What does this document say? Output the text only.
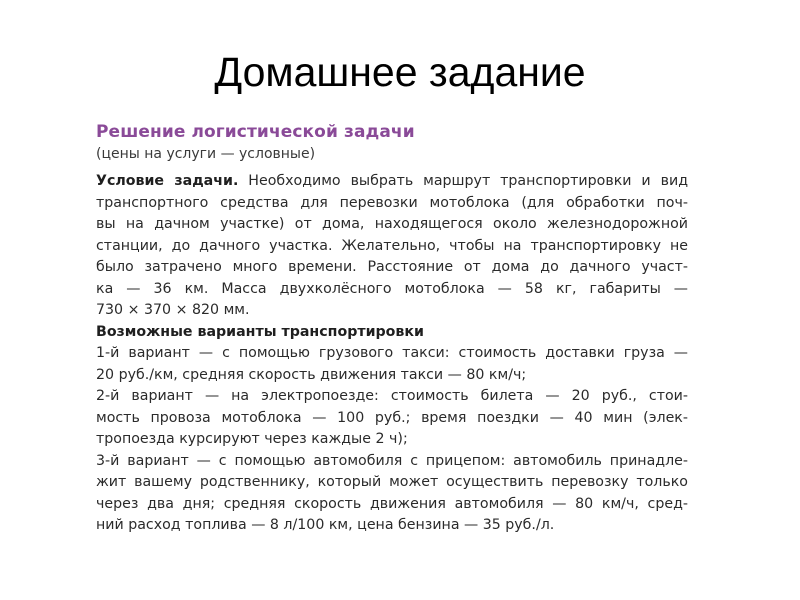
Домашнее задание
Решение логистической задачи
(цены на услуги — условные)
Условие задачи. Необходимо выбрать маршрут транспортировки и вид
транспортного средства для перевозки мотоблока (для обработки поч-
вы на дачном участке) от дома, находящегося около железнодорожной
станции, до дачного участка. Желательно, чтобы на транспортировку не
было затрачено много времени. Расстояние от дома до дачного участ-
ка — 36 км. Масса двухколёсного мотоблока — 58 кг, габариты —
730 × 370 × 820 мм.
Возможные варианты транспортировки
1-й вариант — с помощью грузового такси: стоимость доставки груза —
20 руб./км, средняя скорость движения такси — 80 км/ч;
2-й вариант — на электропоезде: стоимость билета — 20 руб., стои-
мость провоза мотоблока — 100 руб.; время поездки — 40 мин (элек-
тропоезда курсируют через каждые 2 ч);
3-й вариант — с помощью автомобиля с прицепом: автомобиль принадле-
жит вашему родственнику, который может осуществить перевозку только
через два дня; средняя скорость движения автомобиля — 80 км/ч, сред-
ний расход топлива — 8 л/100 км, цена бензина — 35 руб./л.
